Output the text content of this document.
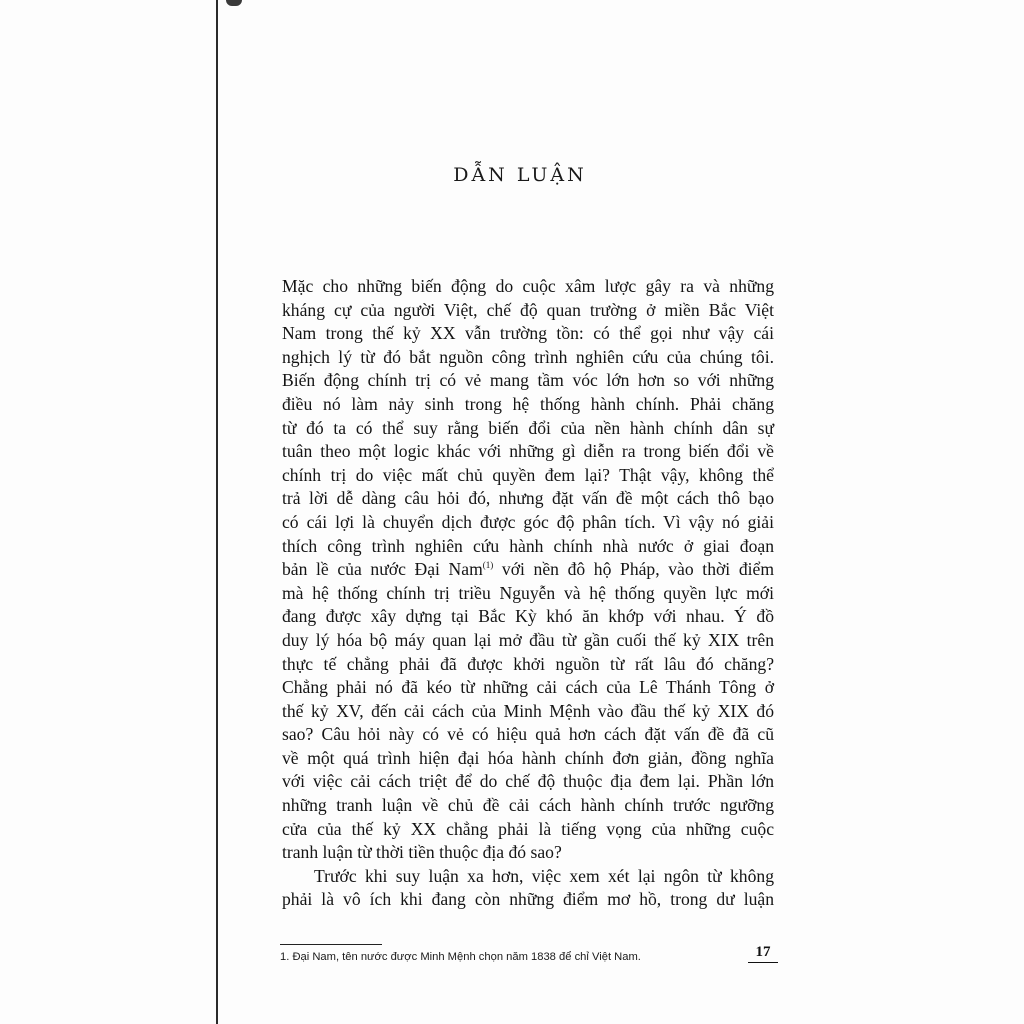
DẪN LUẬN
Mặc cho những biến động do cuộc xâm lược gây ra và những
kháng cự của người Việt, chế độ quan trường ở miền Bắc Việt
Nam trong thế kỷ XX vẫn trường tồn: có thể gọi như vậy cái
nghịch lý từ đó bắt nguồn công trình nghiên cứu của chúng tôi.
Biến động chính trị có vẻ mang tầm vóc lớn hơn so với những
điều nó làm nảy sinh trong hệ thống hành chính. Phải chăng
từ đó ta có thể suy rằng biến đổi của nền hành chính dân sự
tuân theo một logic khác với những gì diễn ra trong biến đổi về
chính trị do việc mất chủ quyền đem lại? Thật vậy, không thể
trả lời dễ dàng câu hỏi đó, nhưng đặt vấn đề một cách thô bạo
có cái lợi là chuyển dịch được góc độ phân tích. Vì vậy nó giải
thích công trình nghiên cứu hành chính nhà nước ở giai đoạn
bản lề của nước Đại Nam$^{(1)}$ với nền đô hộ Pháp, vào thời điểm
mà hệ thống chính trị triều Nguyễn và hệ thống quyền lực mới
đang được xây dựng tại Bắc Kỳ khó ăn khớp với nhau. Ý đồ
duy lý hóa bộ máy quan lại mở đầu từ gần cuối thế kỷ XIX trên
thực tế chẳng phải đã được khởi nguồn từ rất lâu đó chăng?
Chẳng phải nó đã kéo từ những cải cách của Lê Thánh Tông ở
thế kỷ XV, đến cải cách của Minh Mệnh vào đầu thế kỷ XIX đó
sao? Câu hỏi này có vẻ có hiệu quả hơn cách đặt vấn đề đã cũ
về một quá trình hiện đại hóa hành chính đơn giản, đồng nghĩa
với việc cải cách triệt để do chế độ thuộc địa đem lại. Phần lớn
những tranh luận về chủ đề cải cách hành chính trước ngưỡng
cửa của thế kỷ XX chẳng phải là tiếng vọng của những cuộc
tranh luận từ thời tiền thuộc địa đó sao?
Trước khi suy luận xa hơn, việc xem xét lại ngôn từ không
phải là vô ích khi đang còn những điểm mơ hồ, trong dư luận
1. Đại Nam, tên nước được Minh Mệnh chọn năm 1838 để chỉ Việt Nam.	17
